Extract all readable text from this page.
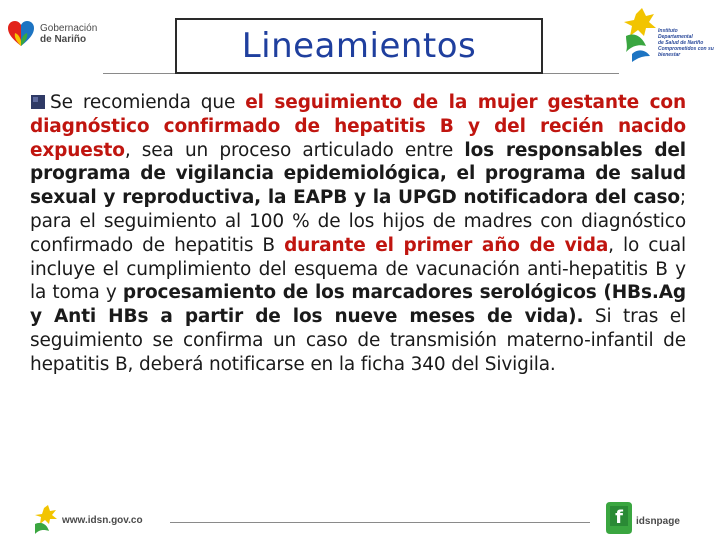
Gobernación
de Nariño	Lineamientos	Instituto
Departamental
de Salud de Nariño
Comprometidos con su bienestar
Se recomienda que el seguimiento de la mujer gestante con diagnóstico confirmado de hepatitis B y del recién nacido expuesto, sea un proceso articulado entre los responsables del programa de vigilancia epidemiológica, el programa de salud sexual y reproductiva, la EAPB y la UPGD notificadora del caso; para el seguimiento al 100 % de los hijos de madres con diagnóstico confirmado de hepatitis B durante el primer año de vida, lo cual incluye el cumplimiento del esquema de vacunación anti-hepatitis B y la toma y procesamiento de los marcadores serológicos (HBs.Ag y Anti HBs a partir de los nueve meses de vida). Si tras el seguimiento se confirma un caso de transmisión materno-infantil de hepatitis B, deberá notificarse en la ficha 340 del Sivigila.
www.idsn.gov.co	f idsnpage
